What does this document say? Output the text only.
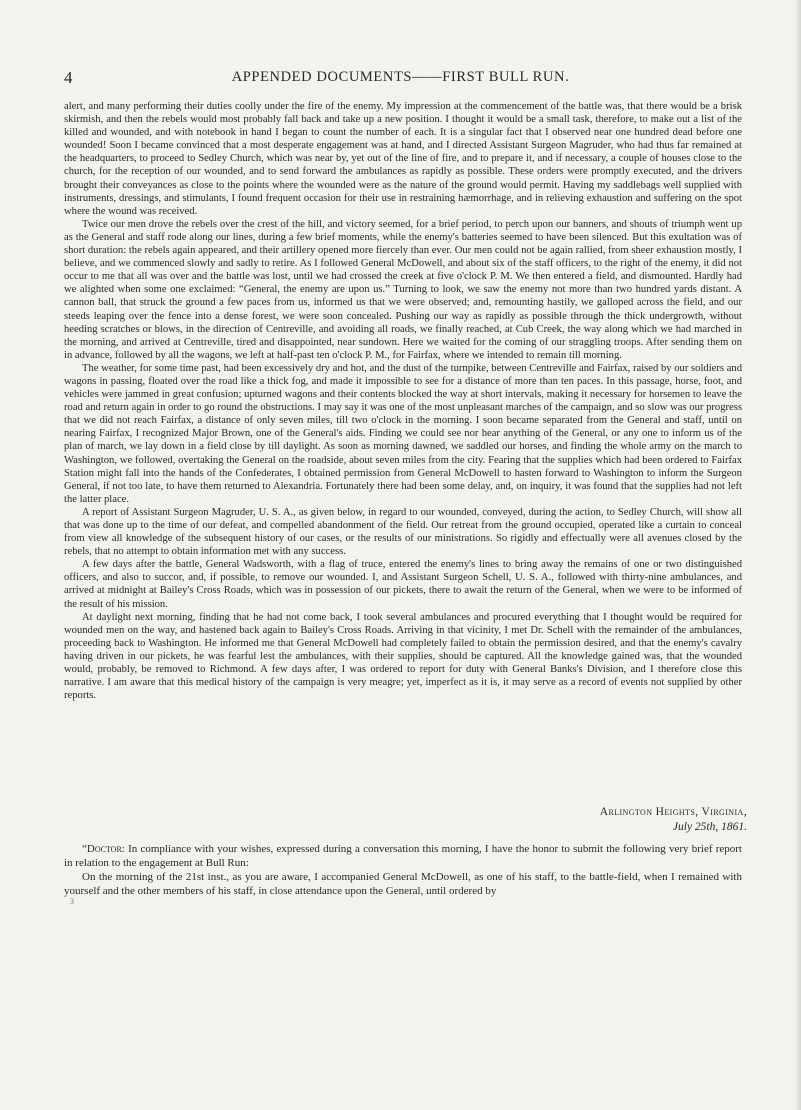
4	APPENDED DOCUMENTS——FIRST BULL RUN.

alert, and many performing their duties coolly under the fire of the enemy. My impression at the commencement of the battle was, that there would be a brisk skirmish, and then the rebels would most probably fall back and take up a new position. I thought it would be a small task, therefore, to make out a list of the killed and wounded, and with notebook in hand I began to count the number of each. It is a singular fact that I observed near one hundred dead before one wounded! Soon I became convinced that a most desperate engagement was at hand, and I directed Assistant Surgeon Magruder, who had thus far remained at the headquarters, to proceed to Sedley Church, which was near by, yet out of the line of fire, and to prepare it, and if necessary, a couple of houses close to the church, for the reception of our wounded, and to send forward the ambulances as rapidly as possible. These orders were promptly executed, and the drivers brought their conveyances as close to the points where the wounded were as the nature of the ground would permit. Having my saddlebags well supplied with instruments, dressings, and stimulants, I found frequent occasion for their use in restraining hæmorrhage, and in relieving exhaustion and suffering on the spot where the wound was received.

Twice our men drove the rebels over the crest of the hill, and victory seemed, for a brief period, to perch upon our banners, and shouts of triumph went up as the General and staff rode along our lines, during a few brief moments, while the enemy's batteries seemed to have been silenced. But this exultation was of short duration: the rebels again appeared, and their artillery opened more fiercely than ever. Our men could not be again rallied, from sheer exhaustion mostly, I believe, and we commenced slowly and sadly to retire. As I followed General McDowell, and about six of the staff officers, to the right of the enemy, it did not occur to me that all was over and the battle was lost, until we had crossed the creek at five o'clock P. M. We then entered a field, and dismounted. Hardly had we alighted when some one exclaimed: “General, the enemy are upon us.” Turning to look, we saw the enemy not more than two hundred yards distant. A cannon ball, that struck the ground a few paces from us, informed us that we were observed; and, remounting hastily, we galloped across the field, and our steeds leaping over the fence into a dense forest, we were soon concealed. Pushing our way as rapidly as possible through the thick undergrowth, without heeding scratches or blows, in the direction of Centreville, and avoiding all roads, we finally reached, at Cub Creek, the way along which we had marched in the morning, and arrived at Centreville, tired and disappointed, near sundown. Here we waited for the coming of our straggling troops. After sending them on in advance, followed by all the wagons, we left at half-past ten o'clock P. M., for Fairfax, where we intended to remain till morning.

The weather, for some time past, had been excessively dry and hot, and the dust of the turnpike, between Centreville and Fairfax, raised by our soldiers and wagons in passing, floated over the road like a thick fog, and made it impossible to see for a distance of more than ten paces. In this passage, horse, foot, and vehicles were jammed in great confusion; upturned wagons and their contents blocked the way at short intervals, making it necessary for horsemen to leave the road and return again in order to go round the obstructions. I may say it was one of the most unpleasant marches of the campaign, and so slow was our progress that we did not reach Fairfax, a distance of only seven miles, till two o'clock in the morning. I soon became separated from the General and staff, until on nearing Fairfax, I recognized Major Brown, one of the General's aids. Finding we could see nor hear anything of the General, or any one to inform us of the plan of march, we lay down in a field close by till daylight. As soon as morning dawned, we saddled our horses, and finding the whole army on the march to Washington, we followed, overtaking the General on the roadside, about seven miles from the city. Fearing that the supplies which had been ordered to Fairfax Station might fall into the hands of the Confederates, I obtained permission from General McDowell to hasten forward to Washington to inform the Surgeon General, if not too late, to have them returned to Alexandria. Fortunately there had been some delay, and, on inquiry, it was found that the supplies had not left the latter place.

A report of Assistant Surgeon Magruder, U. S. A., as given below, in regard to our wounded, conveyed, during the action, to Sedley Church, will show all that was done up to the time of our defeat, and compelled abandonment of the field. Our retreat from the ground occupied, operated like a curtain to conceal from view all knowledge of the subsequent history of our cases, or the results of our ministrations. So rigidly and effectually were all avenues closed by the rebels, that no attempt to obtain information met with any success.

A few days after the battle, General Wadsworth, with a flag of truce, entered the enemy's lines to bring away the remains of one or two distinguished officers, and also to succor, and, if possible, to remove our wounded. I, and Assistant Surgeon Schell, U. S. A., followed with thirty-nine ambulances, and arrived at midnight at Bailey's Cross Roads, which was in possession of our pickets, there to await the return of the General, when we were to be informed of the result of his mission.

At daylight next morning, finding that he had not come back, I took several ambulances and procured everything that I thought would be required for wounded men on the way, and hastened back again to Bailey's Cross Roads. Arriving in that vicinity, I met Dr. Schell with the remainder of the ambulances, proceeding back to Washington. He informed me that General McDowell had completely failed to obtain the permission desired, and that the enemy's cavalry having driven in our pickets, he was fearful lest the ambulances, with their supplies, should be captured. All the knowledge gained was, that the wounded would, probably, be removed to Richmond. A few days after, I was ordered to report for duty with General Banks's Division, and I therefore close this narrative. I am aware that this medical history of the campaign is very meagre; yet, imperfect as it is, it may serve as a record of events not supplied by other reports.

Arlington Heights, Virginia,
July 25th, 1861.

“Doctor: In compliance with your wishes, expressed during a conversation this morning, I have the honor to submit the following very brief report in relation to the engagement at Bull Run:

On the morning of the 21st inst., as you are aware, I accompanied General McDowell, as one of his staff, to the battle-field, when I remained with yourself and the other members of his staff, in close attendance upon the General, until ordered by

3
